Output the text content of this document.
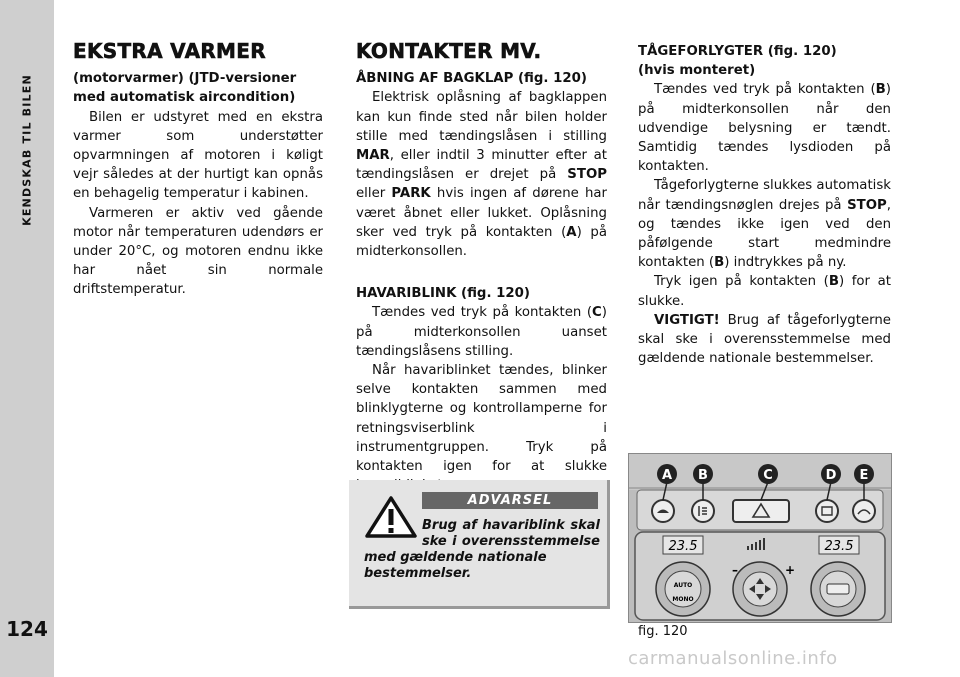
KENDSKAB TIL BILEN
124
EKSTRA VARMER
(motorvarmer) (JTD-versioner med automatisk aircondition)

Bilen er udstyret med en ekstra varmer som understøtter opvarmningen af motoren i køligt vejr således at der hurtigt kan opnås en behagelig temperatur i kabinen.

Varmeren er aktiv ved gående motor når temperaturen udendørs er under 20°C, og motoren endnu ikke har nået sin normale driftstemperatur.

KONTAKTER MV.
ÅBNING AF BAGKLAP (fig. 120)

Elektrisk oplåsning af bagklappen kan kun finde sted når bilen holder stille med tændingslåsen i stilling MAR, eller indtil 3 minutter efter at tændingslåsen er drejet på STOP eller PARK hvis ingen af dørene har været åbnet eller lukket. Oplåsning sker ved tryk på kontakten (A) på midterkonsollen.

HAVARIBLINK (fig. 120)

Tændes ved tryk på kontakten (C) på midterkonsollen uanset tændingslåsens stilling.

Når havariblinket tændes, blinker selve kontakten sammen med blinklygterne og kontrollamperne for retningsviserblink i instrumentgruppen. Tryk på kontakten igen for at slukke

TÅGEFORLYGTER (fig. 120)
(hvis monteret)

Tændes ved tryk på kontakten (B) på midterkonsollen når den udvendige belysning er tændt. Samtidig tændes lysdioden på kontakten.

Tågeforlygterne slukkes automatisk når tændingsnøglen drejes på STOP, og tændes ikke igen ved den påfølgende start medmindre kontakten (B) indtrykkes på ny.

Tryk igen på kontakten (B) for at slukke.

VIGTIGT! Brug af tågeforlygterne skal ske i overensstemmelse med gældende nationale bestemmelser.

ADVARSEL
Brug af havariblink skal
ske i overensstemmelse
med gældende nationale bestemmelser.
A B	C	D E
23.5	23.5
–	+
AUTO
MONO
fig. 120
carmanualsonline.info
